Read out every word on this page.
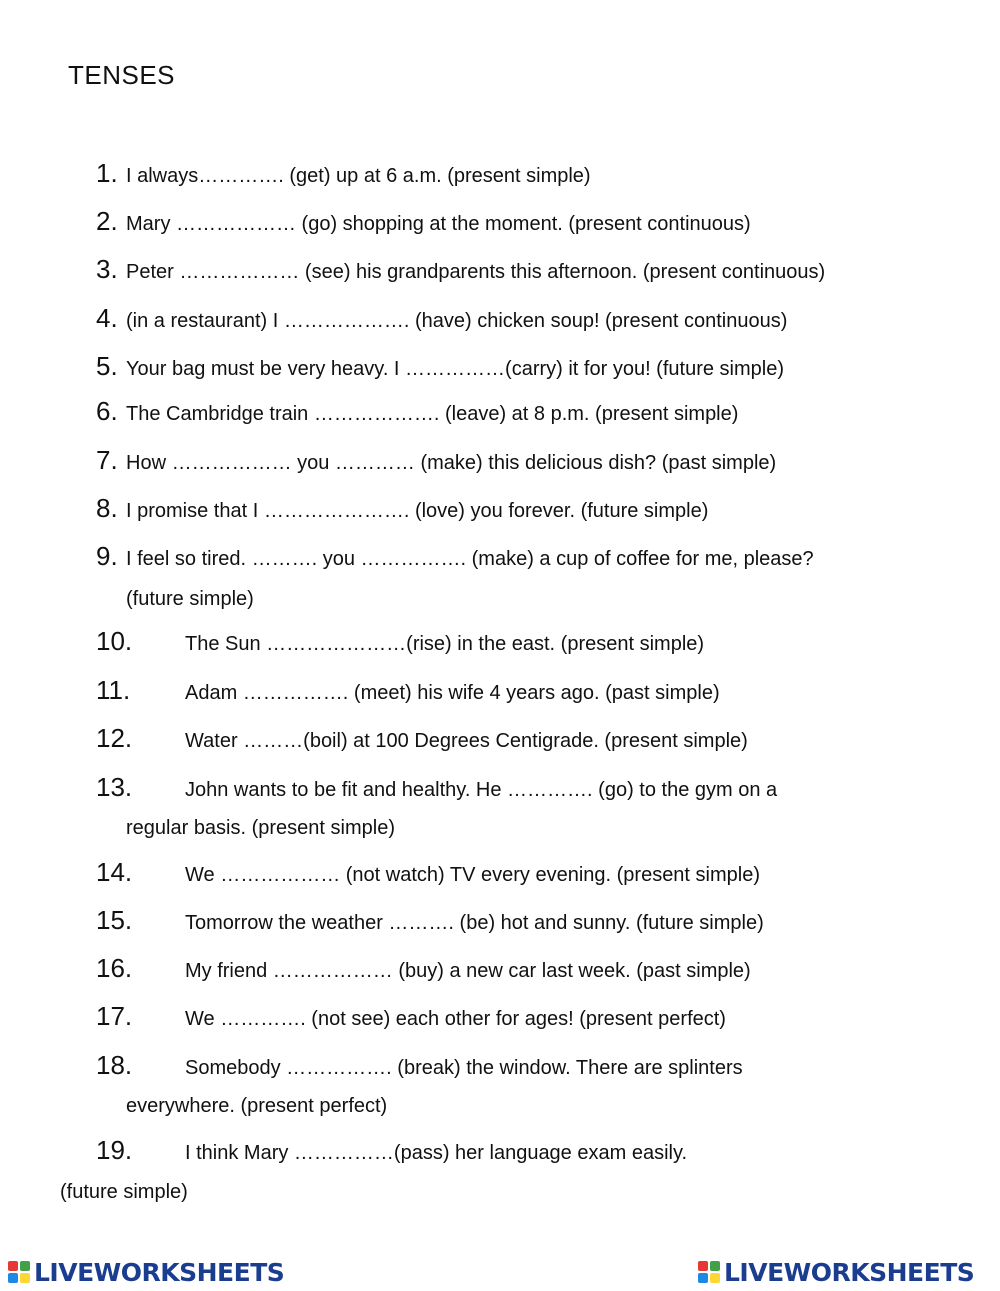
TENSES
1. I always…………. (get) up at 6 a.m. (present simple)
2. Mary ……………… (go) shopping at the moment. (present continuous)
3. Peter ……………… (see) his grandparents this afternoon. (present continuous)
4. (in a restaurant) I ………………. (have) chicken soup! (present continuous)
5. Your bag must be very heavy. I ……………(carry) it for you! (future simple)
6. The Cambridge train ………………. (leave) at 8 p.m. (present simple)
7. How ……………… you ………… (make) this delicious dish? (past simple)
8. I promise that I …………………. (love) you forever. (future simple)
9. I feel so tired. ………. you ……………. (make) a cup of coffee for me, please?
(future simple)
10.	The Sun …………………(rise) in the east. (present simple)
11.	Adam ……………. (meet) his wife 4 years ago. (past simple)
12.	Water ………(boil) at 100 Degrees Centigrade. (present simple)
13.	John wants to be fit and healthy. He …………. (go) to the gym on a
regular basis. (present simple)
14.	We ……………… (not watch) TV every evening. (present simple)
15.	Tomorrow the weather ………. (be) hot and sunny. (future simple)
16.	My friend ……………… (buy) a new car last week. (past simple)
17.	We …………. (not see) each other for ages! (present perfect)
18.	Somebody ……………. (break) the window. There are splinters
everywhere. (present perfect)
19.	I think Mary ……………(pass) her language exam easily.
(future simple)
LIVEWORKSHEETS	LIVEWORKSHEETS
